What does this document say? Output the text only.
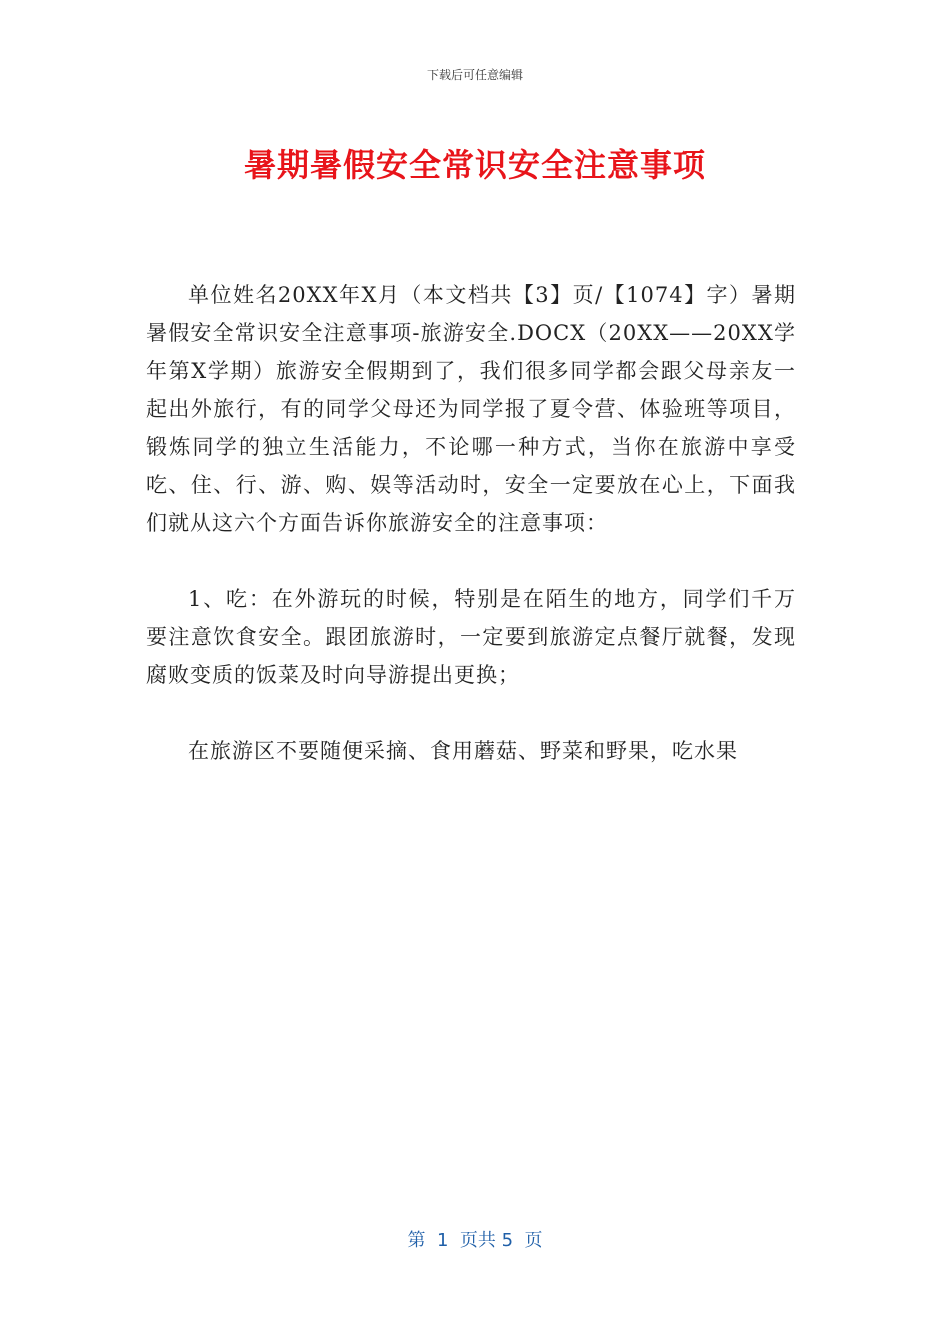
下载后可任意编辑
暑期暑假安全常识安全注意事项

单位姓名20XX年X月（本文档共【3】页/【1074】字）暑期暑假安全常识安全注意事项-旅游安全.DOCX（20XX——20XX学年第X学期）旅游安全假期到了，我们很多同学都会跟父母亲友一起出外旅行，有的同学父母还为同学报了夏令营、体验班等项目，锻炼同学的独立生活能力，不论哪一种方式，当你在旅游中享受吃、住、行、游、购、娱等活动时，安全一定要放在心上，下面我们就从这六个方面告诉你旅游安全的注意事项：

1、吃：在外游玩的时候，特别是在陌生的地方，同学们千万要注意饮食安全。跟团旅游时，一定要到旅游定点餐厅就餐，发现腐败变质的饭菜及时向导游提出更换；

在旅游区不要随便采摘、食用蘑菇、野菜和野果，吃水果

第  1  页共 5  页
